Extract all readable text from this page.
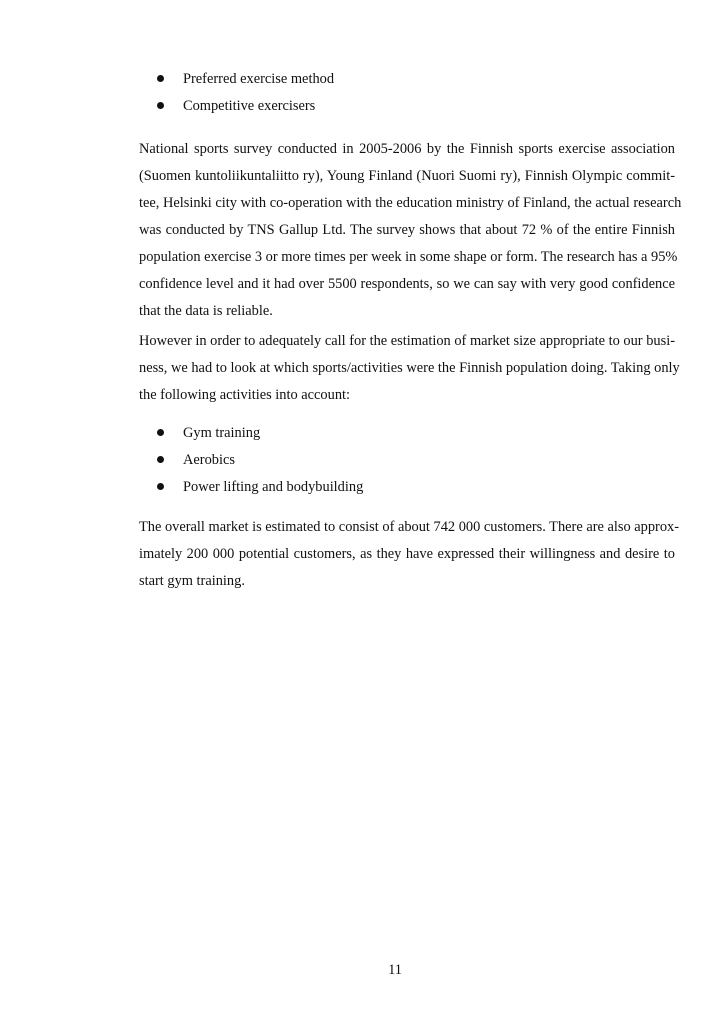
Preferred exercise method
Competitive exercisers

National sports survey conducted in 2005-2006 by the Finnish sports exercise association
(Suomen kuntoliikuntaliitto ry), Young Finland (Nuori Suomi ry), Finnish Olympic commit-
tee, Helsinki city with co-operation with the education ministry of Finland, the actual research
was conducted by TNS Gallup Ltd. The survey shows that about 72 % of the entire Finnish
population exercise 3 or more times per week in some shape or form. The research has a 95%
confidence level and it had over 5500 respondents, so we can say with very good confidence
that the data is reliable.

However in order to adequately call for the estimation of market size appropriate to our busi-
ness, we had to look at which sports/activities were the Finnish population doing. Taking only
the following activities into account:

Gym training
Aerobics
Power lifting and bodybuilding

The overall market is estimated to consist of about 742 000 customers. There are also approx-
imately 200 000 potential customers, as they have expressed their willingness and desire to
start gym training.

11
